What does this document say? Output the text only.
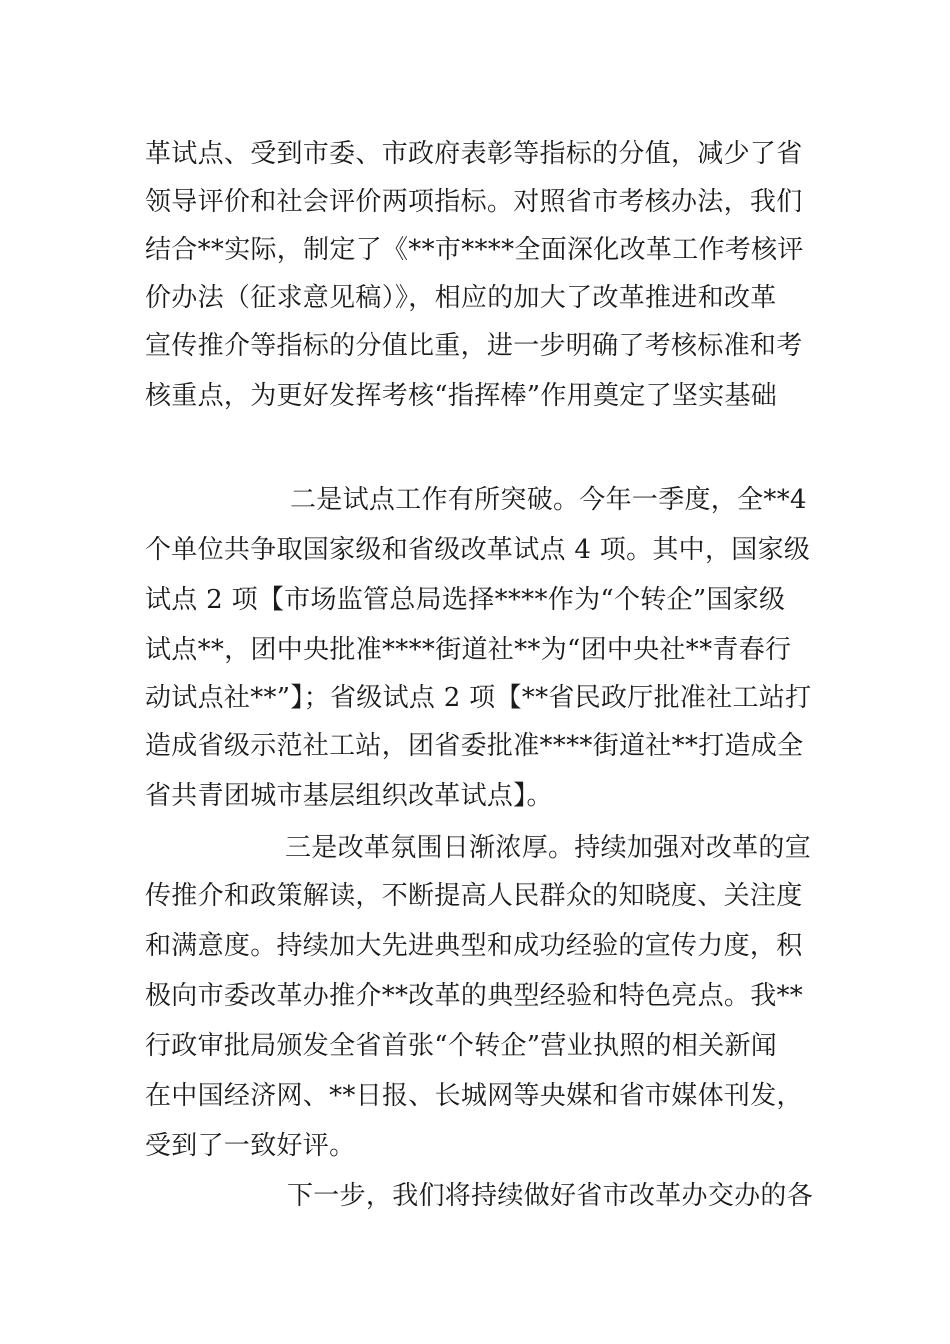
革试点、受到市委、市政府表彰等指标的分值，减少了省
领导评价和社会评价两项指标。对照省市考核办法，我们
结合**实际，制定了《**市****全面深化改革工作考核评
价办法（征求意见稿）》，相应的加大了改革推进和改革
宣传推介等指标的分值比重，进一步明确了考核标准和考
核重点，为更好发挥考核“指挥棒”作用奠定了坚实基础
二是试点工作有所突破。今年一季度，全**4
个单位共争取国家级和省级改革试点 4 项。其中，国家级
试点 2 项【市场监管总局选择****作为“个转企”国家级
试点**，团中央批准****街道社**为“团中央社**青春行
动试点社**”】；省级试点 2 项【**省民政厅批准社工站打
造成省级示范社工站，团省委批准****街道社**打造成全
省共青团城市基层组织改革试点】。
三是改革氛围日渐浓厚。持续加强对改革的宣
传推介和政策解读，不断提高人民群众的知晓度、关注度
和满意度。持续加大先进典型和成功经验的宣传力度，积
极向市委改革办推介**改革的典型经验和特色亮点。我**
行政审批局颁发全省首张“个转企”营业执照的相关新闻
在中国经济网、**日报、长城网等央媒和省市媒体刊发，
受到了一致好评。
下一步，我们将持续做好省市改革办交办的各
